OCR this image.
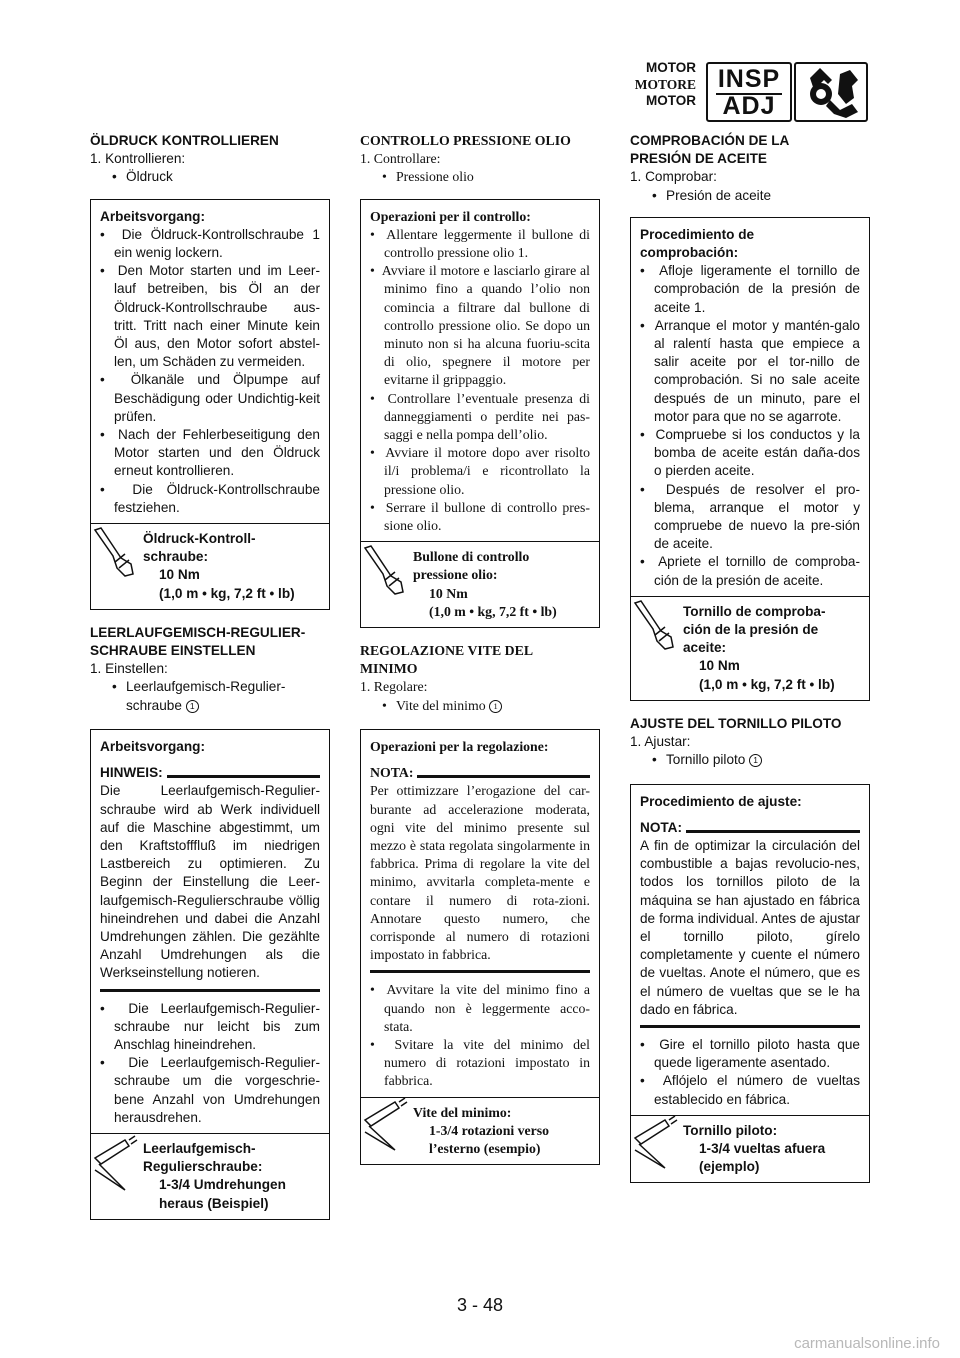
MOTOR
MOTORE
MOTOR
INSP
ADJ
ÖLDRUCK KONTROLLIEREN
1. Kontrollieren:
• Öldruck
Arbeitsvorgang:
•  Die Öldruck-Kontrollschraube 1 ein wenig lockern.
•  Den Motor starten und im Leer-lauf betreiben, bis Öl an der Öldruck-Kontrollschraube aus-tritt. Tritt nach einer Minute kein Öl aus, den Motor sofort abstel-len, um Schäden zu vermeiden.
•  Ölkanäle und Ölpumpe auf Beschädigung oder Undichtig-keit prüfen.
•  Nach der Fehlerbeseitigung den Motor starten und den Öldruck erneut kontrollieren.
•  Die Öldruck-Kontrollschraube festziehen.
Öldruck-Kontroll-
schraube:
10 Nm
(1,0 m • kg, 7,2 ft • lb)
LEERLAUFGEMISCH-REGULIER-
SCHRAUBE EINSTELLEN
1. Einstellen:
• Leerlaufgemisch-Regulier-
schraube 1
Arbeitsvorgang:
HINWEIS:
Die Leerlaufgemisch-Regulier-schraube wird ab Werk individuell auf die Maschine abgestimmt, um den Kraftstofffluß im niedrigen Lastbereich zu optimieren. Zu Beginn der Einstellung die Leer-laufgemisch-Regulierschraube völlig hineindrehen und dabei die Anzahl Umdrehungen zählen. Die gezählte Anzahl Umdrehungen als die Werkseinstellung notieren.
•  Die Leerlaufgemisch-Regulier-schraube nur leicht bis zum Anschlag hineindrehen.
•  Die Leerlaufgemisch-Regulier-schraube um die vorgeschrie-bene Anzahl von Umdrehungen herausdrehen.
Leerlaufgemisch-
Regulierschraube:
1-3/4 Umdrehungen
heraus (Beispiel)
CONTROLLO PRESSIONE OLIO
1. Controllare:
• Pressione olio
Operazioni per il controllo:
•  Allentare leggermente il bullone di controllo pressione olio 1.
•  Avviare il motore e lasciarlo girare al minimo fino a quando l’olio non comincia a filtrare dal bullone di controllo pressione olio. Se dopo un minuto non si ha alcuna fuoriu-scita di olio, spegnere il motore per evitarne il grippaggio.
•  Controllare l’eventuale presenza di danneggiamenti o perdite nei pas-saggi e nella pompa dell’olio.
•  Avviare il motore dopo aver risolto il/i problema/i e ricontrollato la pressione olio.
•  Serrare il bullone di controllo pres-sione olio.
Bullone di controllo
pressione olio:
10 Nm
(1,0 m • kg, 7,2 ft • lb)
REGOLAZIONE VITE DEL
MINIMO
1. Regolare:
• Vite del minimo 1
Operazioni per la regolazione:
NOTA:
Per ottimizzare l’erogazione del car-burante ad accelerazione moderata, ogni vite del minimo presente sul mezzo è stata regolata singolarmente in fabbrica. Prima di regolare la vite del minimo, avvitarla completa-mente e contare il numero di rota-zioni. Annotare questo numero, che corrisponde al numero di rotazioni impostato in fabbrica.
•  Avvitare la vite del minimo fino a quando non è leggermente acco-stata.
•  Svitare la vite del minimo del numero di rotazioni impostato in fabbrica.
Vite del minimo:
1-3/4 rotazioni verso
l’esterno (esempio)
COMPROBACIÓN DE LA
PRESIÓN DE ACEITE
1. Comprobar:
• Presión de aceite
Procedimiento de
comprobación:
•  Afloje ligeramente el tornillo de comprobación de la presión de aceite 1.
•  Arranque el motor y mantén-galo al ralentí hasta que empiece a salir aceite por el tor-nillo de comprobación. Si no sale aceite después de un minuto, pare el motor para que no se agarrote.
•  Compruebe si los conductos y la bomba de aceite están daña-dos o pierden aceite.
•  Después de resolver el pro-blema, arranque el motor y compruebe de nuevo la pre-sión de aceite.
•  Apriete el tornillo de comproba-ción de la presión de aceite.
Tornillo de comproba-
ción de la presión de
aceite:
10 Nm
(1,0 m • kg, 7,2 ft • lb)
AJUSTE DEL TORNILLO PILOTO
1. Ajustar:
• Tornillo piloto 1
Procedimiento de ajuste:
NOTA:
A fin de optimizar la circulación del combustible a bajas revolucio-nes, todos los tornillos piloto de la máquina se han ajustado en fábrica de forma individual. Antes de ajustar el tornillo piloto, gírelo completamente y cuente el número de vueltas. Anote el número, que es el número de vueltas que se le ha dado en fábrica.
•  Gire el tornillo piloto hasta que quede ligeramente asentado.
•  Aflójelo el número de vueltas establecido en fábrica.
Tornillo piloto:
1-3/4 vueltas afuera
(ejemplo)
3 - 48
carmanualsonline.info
